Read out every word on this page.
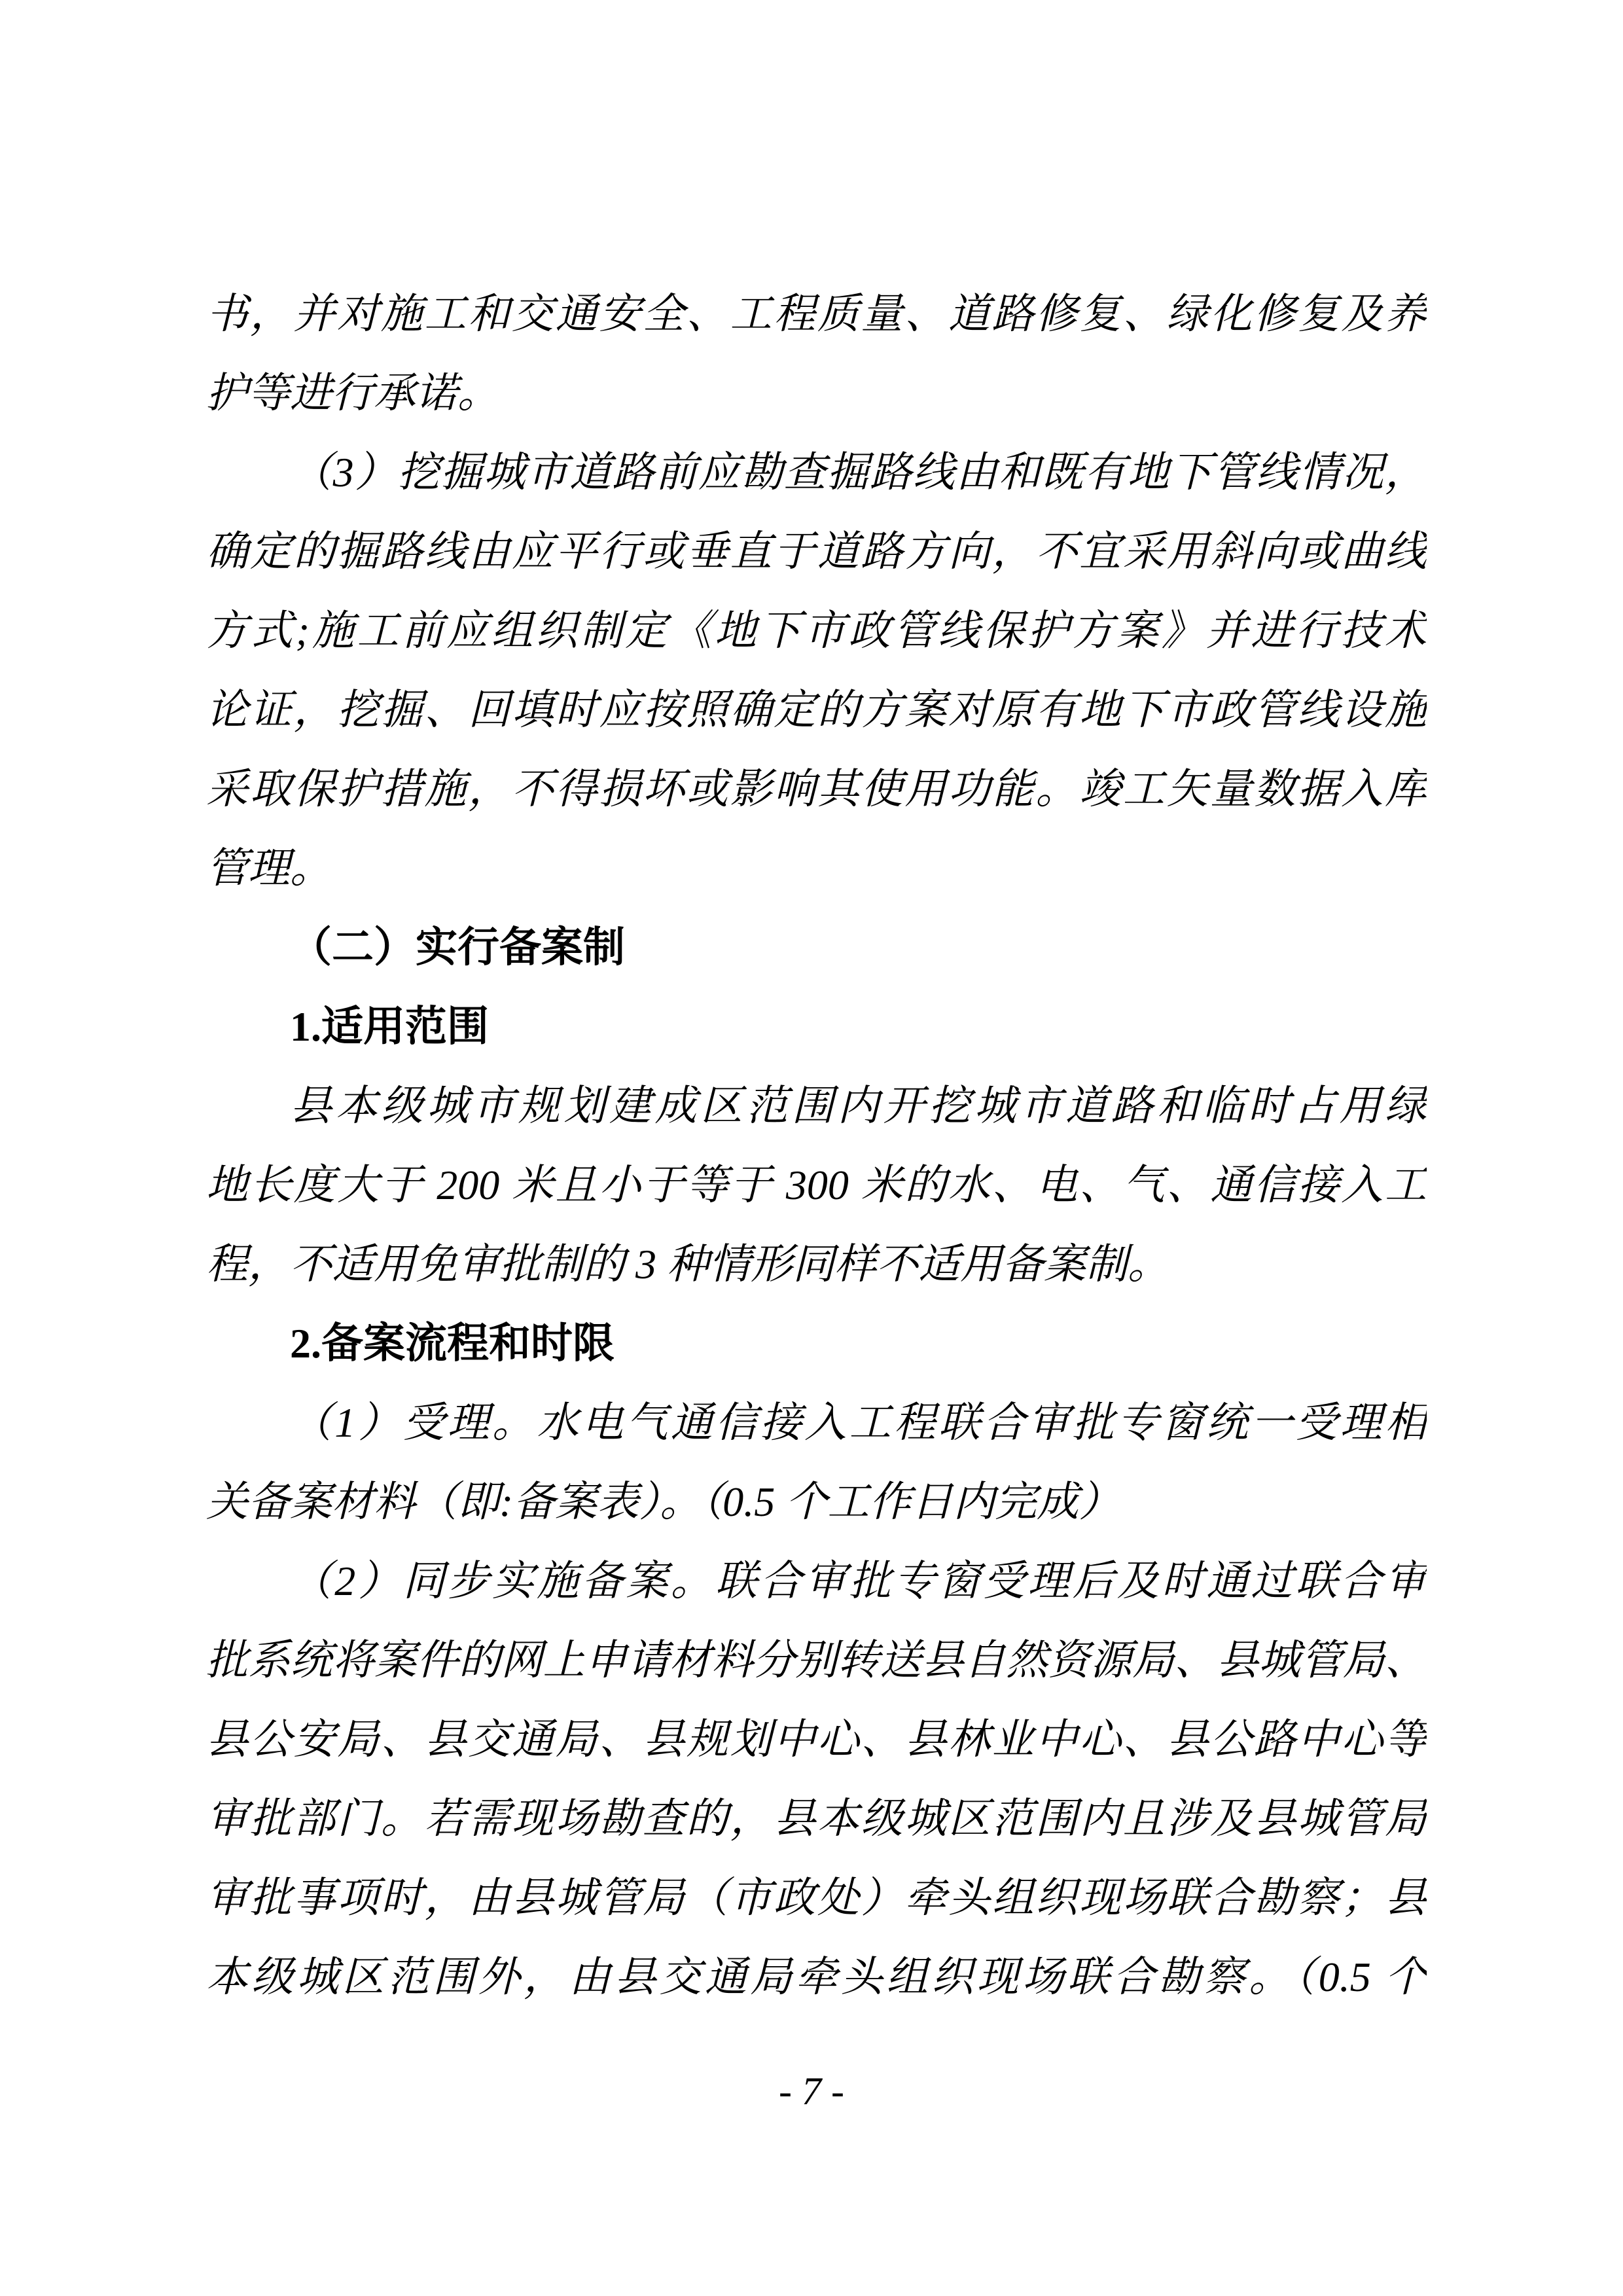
书，并对施工和交通安全、工程质量、道路修复、绿化修复及养
护等进行承诺。
（3）挖掘城市道路前应勘查掘路线由和既有地下管线情况，
确定的掘路线由应平行或垂直于道路方向，不宜采用斜向或曲线
方式;施工前应组织制定《地下市政管线保护方案》并进行技术
论证，挖掘、回填时应按照确定的方案对原有地下市政管线设施
采取保护措施，不得损坏或影响其使用功能。竣工矢量数据入库
管理。
（二）实行备案制
1.适用范围
县本级城市规划建成区范围内开挖城市道路和临时占用绿
地长度大于 200 米且小于等于 300 米的水、电、气、通信接入工
程，不适用免审批制的 3 种情形同样不适用备案制。
2.备案流程和时限
（1）受理。水电气通信接入工程联合审批专窗统一受理相
关备案材料（即:备案表）。（0.5 个工作日内完成）
（2）同步实施备案。联合审批专窗受理后及时通过联合审
批系统将案件的网上申请材料分别转送县自然资源局、县城管局、
县公安局、县交通局、县规划中心、县林业中心、县公路中心等
审批部门。若需现场勘查的，县本级城区范围内且涉及县城管局
审批事项时，由县城管局（市政处）牵头组织现场联合勘察；县
本级城区范围外，由县交通局牵头组织现场联合勘察。（0.5 个
- 7 -
